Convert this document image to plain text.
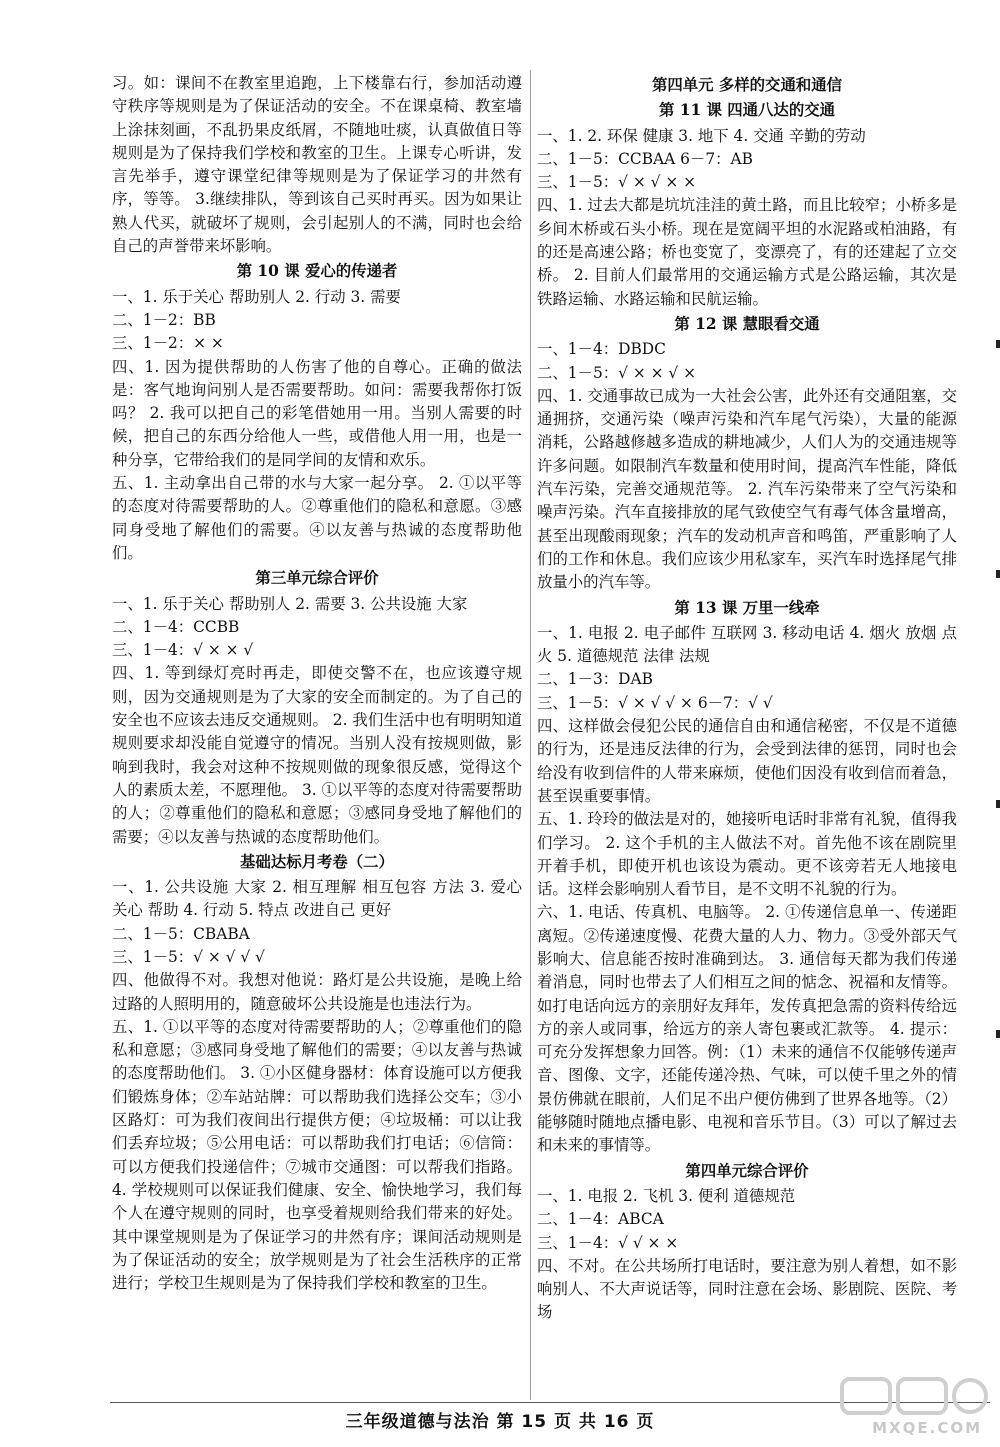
习。如：课间不在教室里追跑，上下楼靠右行，参加活动遵守秩序等规则是为了保证活动的安全。不在课桌椅、教室墙上涂抹刻画，不乱扔果皮纸屑，不随地吐痰，认真做值日等规则是为了保持我们学校和教室的卫生。上课专心听讲，发言先举手，遵守课堂纪律等规则是为了保证学习的井然有序，等等。 3.继续排队，等到该自己买时再买。因为如果让熟人代买，就破坏了规则，会引起别人的不满，同时也会给自己的声誉带来坏影响。
第 10 课 爱心的传递者
一、1. 乐于关心 帮助别人 2. 行动 3. 需要
二、1－2：BB
三、1－2：× ×
四、1. 因为提供帮助的人伤害了他的自尊心。正确的做法是：客气地询问别人是否需要帮助。如问：需要我帮你打饭吗？ 2. 我可以把自己的彩笔借她用一用。当别人需要的时候，把自己的东西分给他人一些，或借他人用一用，也是一种分享，它带给我们的是同学间的友情和欢乐。
五、1. 主动拿出自己带的水与大家一起分享。 2. ①以平等的态度对待需要帮助的人。②尊重他们的隐私和意愿。③感同身受地了解他们的需要。④以友善与热诚的态度帮助他们。
第三单元综合评价
一、1. 乐于关心 帮助别人 2. 需要 3. 公共设施 大家
二、1－4：CCBB
三、1－4：√ × × √
四、1. 等到绿灯亮时再走，即使交警不在，也应该遵守规则，因为交通规则是为了大家的安全而制定的。为了自己的安全也不应该去违反交通规则。 2. 我们生活中也有明明知道规则要求却没能自觉遵守的情况。当别人没有按规则做，影响到我时，我会对这种不按规则做的现象很反感，觉得这个人的素质太差，不愿理他。 3. ①以平等的态度对待需要帮助的人；②尊重他们的隐私和意愿；③感同身受地了解他们的需要；④以友善与热诚的态度帮助他们。
基础达标月考卷（二）
一、1. 公共设施 大家 2. 相互理解 相互包容 方法 3. 爱心 关心 帮助 4. 行动 5. 特点 改进自己 更好
二、1－5：CBABA
三、1－5：√ × √ √ √
四、他做得不对。我想对他说：路灯是公共设施，是晚上给过路的人照明用的，随意破坏公共设施是也违法行为。
五、1. ①以平等的态度对待需要帮助的人；②尊重他们的隐私和意愿；③感同身受地了解他们的需要；④以友善与热诚的态度帮助他们。 3. ①小区健身器材：体育设施可以方便我们锻炼身体；②车站站牌：可以帮助我们选择公交车；③小区路灯：可为我们夜间出行提供方便；④垃圾桶：可以让我们丢弃垃圾；⑤公用电话：可以帮助我们打电话；⑥信筒：可以方便我们投递信件；⑦城市交通图：可以帮我们指路。 4. 学校规则可以保证我们健康、安全、愉快地学习，我们每个人在遵守规则的同时，也享受着规则给我们带来的好处。其中课堂规则是为了保证学习的井然有序；课间活动规则是为了保证活动的安全；放学规则是为了社会生活秩序的正常进行；学校卫生规则是为了保持我们学校和教室的卫生。
第四单元 多样的交通和通信
第 11 课 四通八达的交通
一、1. 2. 环保 健康 3. 地下 4. 交通 辛勤的劳动
二、1－5：CCBAA 6－7：AB
三、1－5：√ × √ × ×
四、1. 过去大都是坑坑洼洼的黄土路，而且比较窄；小桥多是乡间木桥或石头小桥。现在是宽阔平坦的水泥路或柏油路，有的还是高速公路；桥也变宽了，变漂亮了，有的还建起了立交桥。 2. 目前人们最常用的交通运输方式是公路运输，其次是铁路运输、水路运输和民航运输。
第 12 课 慧眼看交通
一、1－4：DBDC
二、1－5：√ × × √ ×
四、1. 交通事故已成为一大社会公害，此外还有交通阻塞，交通拥挤，交通污染（噪声污染和汽车尾气污染），大量的能源消耗，公路越修越多造成的耕地减少，人们人为的交通违规等许多问题。如限制汽车数量和使用时间，提高汽车性能，降低汽车污染，完善交通规范等。 2. 汽车污染带来了空气污染和噪声污染。汽车直接排放的尾气致使空气有毒气体含量增高，甚至出现酸雨现象；汽车的发动机声音和鸣笛，严重影响了人们的工作和休息。我们应该少用私家车，买汽车时选择尾气排放量小的汽车等。
第 13 课 万里一线牵
一、1. 电报 2. 电子邮件 互联网 3. 移动电话 4. 烟火 放烟 点火 5. 道德规范 法律 法规
二、1－3：DAB
三、1－5：√ × √ √ × 6－7：√ √
四、这样做会侵犯公民的通信自由和通信秘密，不仅是不道德的行为，还是违反法律的行为，会受到法律的惩罚，同时也会给没有收到信件的人带来麻烦，使他们因没有收到信而着急，甚至误重要事情。
五、1. 玲玲的做法是对的，她接听电话时非常有礼貌，值得我们学习。 2. 这个手机的主人做法不对。首先他不该在剧院里开着手机，即使开机也该设为震动。更不该旁若无人地接电话。这样会影响别人看节目，是不文明不礼貌的行为。
六、1. 电话、传真机、电脑等。 2. ①传递信息单一、传递距离短。②传递速度慢、花费大量的人力、物力。③受外部天气影响大、信息能否按时准确到达。 3. 通信每天都为我们传递着消息，同时也带去了人们相互之间的惦念、祝福和友情等。如打电话向远方的亲朋好友拜年，发传真把急需的资料传给远方的亲人或同事，给远方的亲人寄包裹或汇款等。 4. 提示：可充分发挥想象力回答。例：（1）未来的通信不仅能够传递声音、图像、文字，还能传递冷热、气味，可以使千里之外的情景仿佛就在眼前，人们足不出户便仿佛到了世界各地等。（2）能够随时随地点播电影、电视和音乐节目。（3）可以了解过去和未来的事情等。
第四单元综合评价
一、1. 电报 2. 飞机 3. 便利 道德规范
二、1－4：ABCA
三、1－4：√ √ × ×
四、不对。在公共场所打电话时，要注意为别人着想，如不影响别人、不大声说话等，同时注意在会场、影剧院、医院、考场
三年级道德与法治 第 15 页 共 16 页	MXQE.COM
